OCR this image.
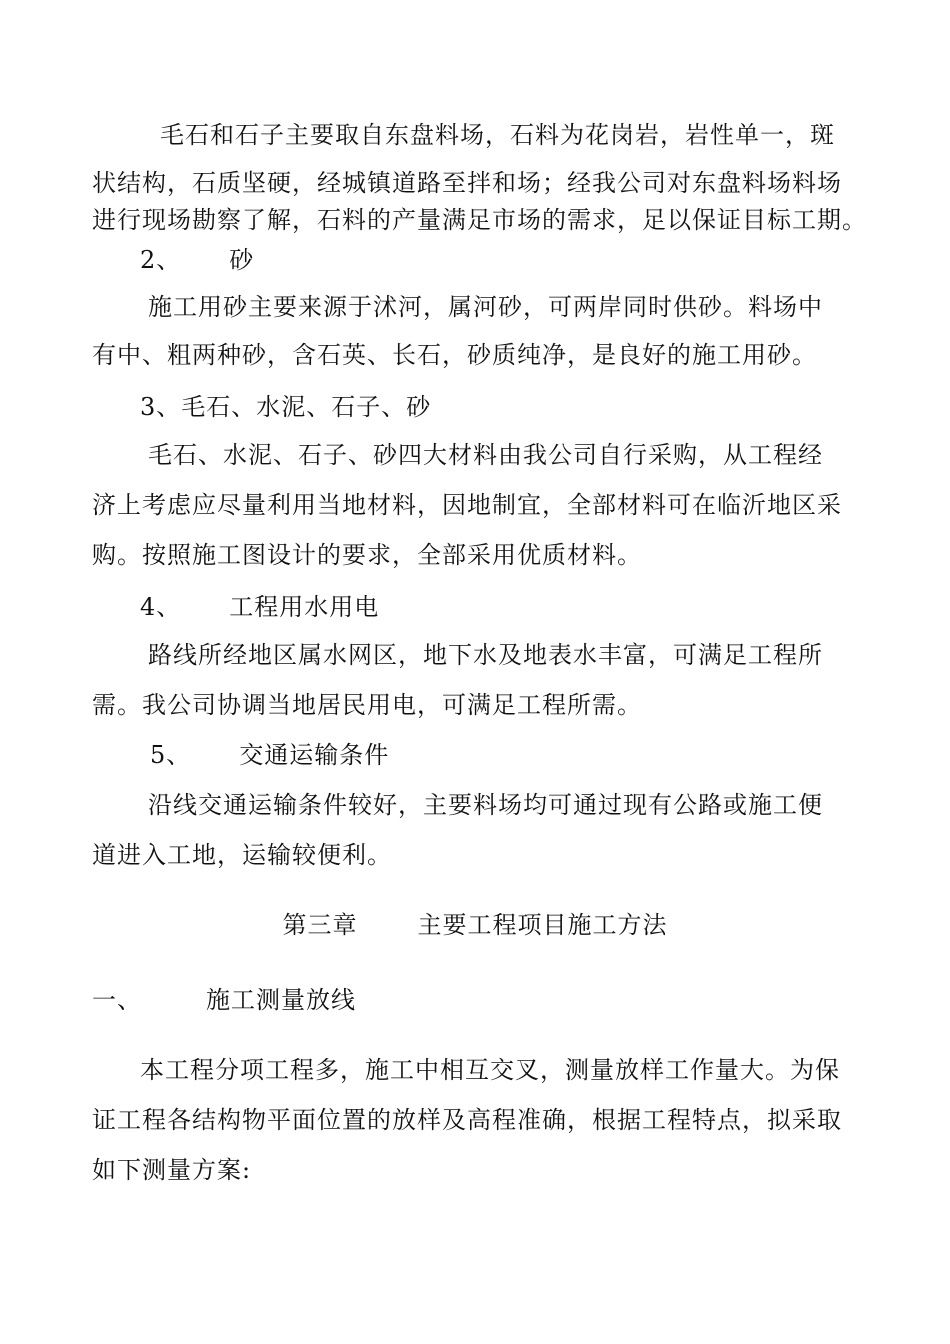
毛石和石子主要取自东盘料场，石料为花岗岩，岩性单一，斑
状结构，石质坚硬，经城镇道路至拌和场；经我公司对东盘料场料场
进行现场勘察了解，石料的产量满足市场的需求，足以保证目标工期。
2、 砂
施工用砂主要来源于沭河，属河砂，可两岸同时供砂。料场中
有中、粗两种砂，含石英、长石，砂质纯净，是良好的施工用砂。
3、毛石、水泥、石子、砂
毛石、水泥、石子、砂四大材料由我公司自行采购，从工程经
济上考虑应尽量利用当地材料，因地制宜，全部材料可在临沂地区采
购。按照施工图设计的要求，全部采用优质材料。
4、 工程用水用电
路线所经地区属水网区，地下水及地表水丰富，可满足工程所
需。我公司协调当地居民用电，可满足工程所需。
5、 交通运输条件
沿线交通运输条件较好，主要料场均可通过现有公路或施工便
道进入工地，运输较便利。
第三章	主要工程项目施工方法
一、	施工测量放线
本工程分项工程多，施工中相互交叉，测量放样工作量大。为保
证工程各结构物平面位置的放样及高程准确，根据工程特点，拟采取
如下测量方案:
